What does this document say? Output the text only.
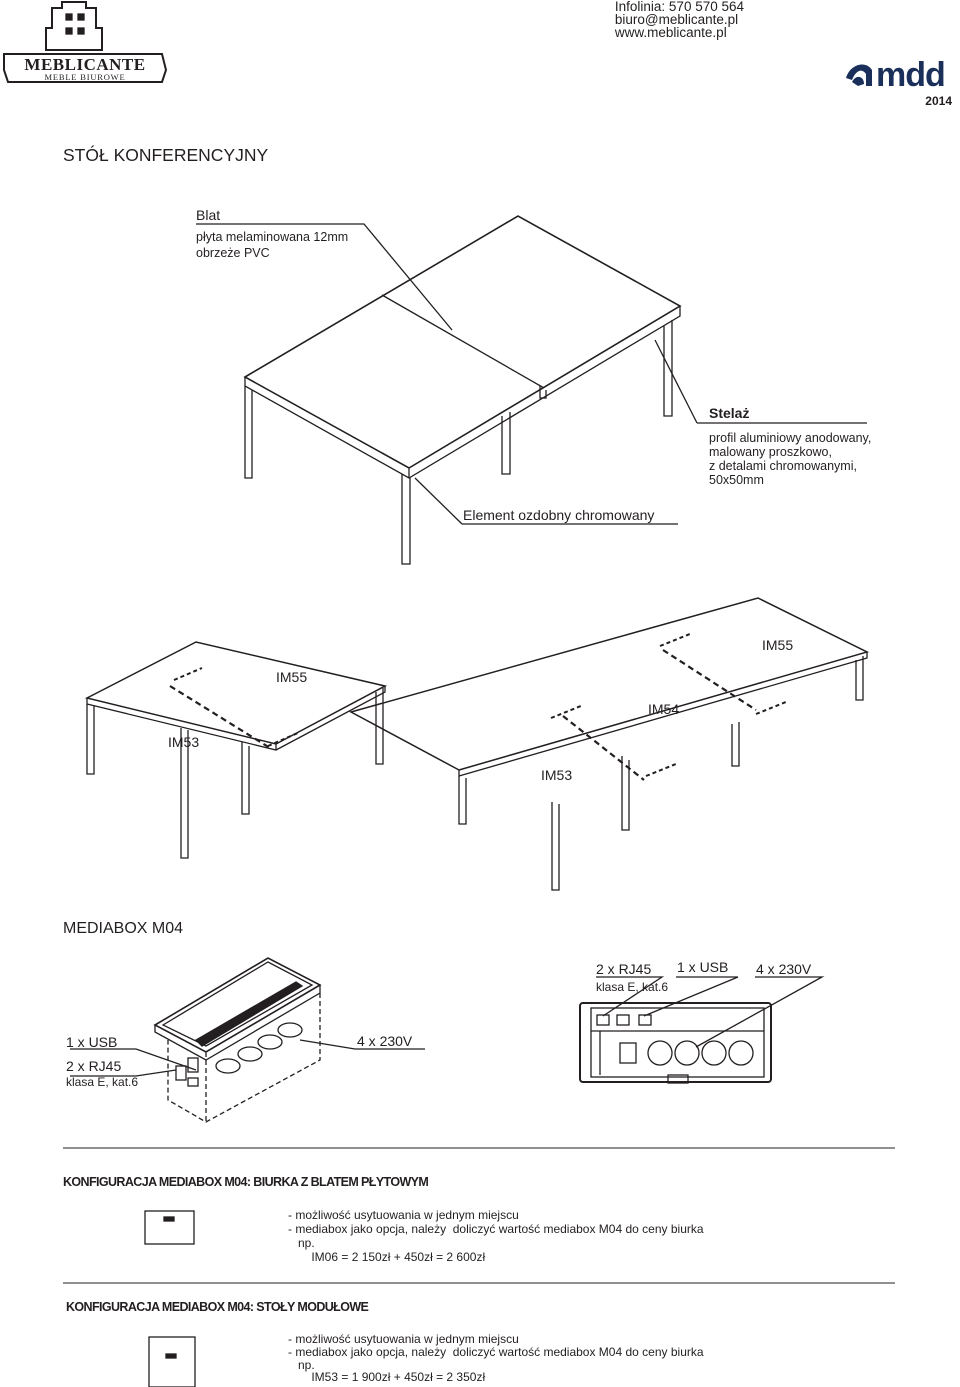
Infolinia: 570 570 564
biuro@meblicante.pl
www.meblicante.pl
MEBLICANTE
MEBLE BIUROWE	mdd
2014
STÓŁ KONFERENCYJNY
Blat
płyta melaminowana 12mm
obrzeże PVC
Stelaż
profil aluminiowy anodowany,
malowany proszkowo,
z detalami chromowanymi,
50x50mm
Element ozdobny chromowany
IM55
IM53
IM55
IM54
IM53
MEDIABOX M04
1 x USB
2 x RJ45
klasa E, kat.6
4 x 230V
2 x RJ45
klasa E, kat.6
1 x USB 4 x 230V
KONFIGURACJA MEDIABOX M04: BIURKA Z BLATEM PŁYTOWYM
- możliwość usytuowania w jednym miejscu
- mediabox jako opcja, należy  doliczyć wartość mediabox M04 do ceny biurka
np.
IM06 = 2 150zł + 450zł = 2 600zł
KONFIGURACJA MEDIABOX M04: STOŁY MODUŁOWE
- możliwość usytuowania w jednym miejscu
- mediabox jako opcja, należy  doliczyć wartość mediabox M04 do ceny biurka
np.
IM53 = 1 900zł + 450zł = 2 350zł
